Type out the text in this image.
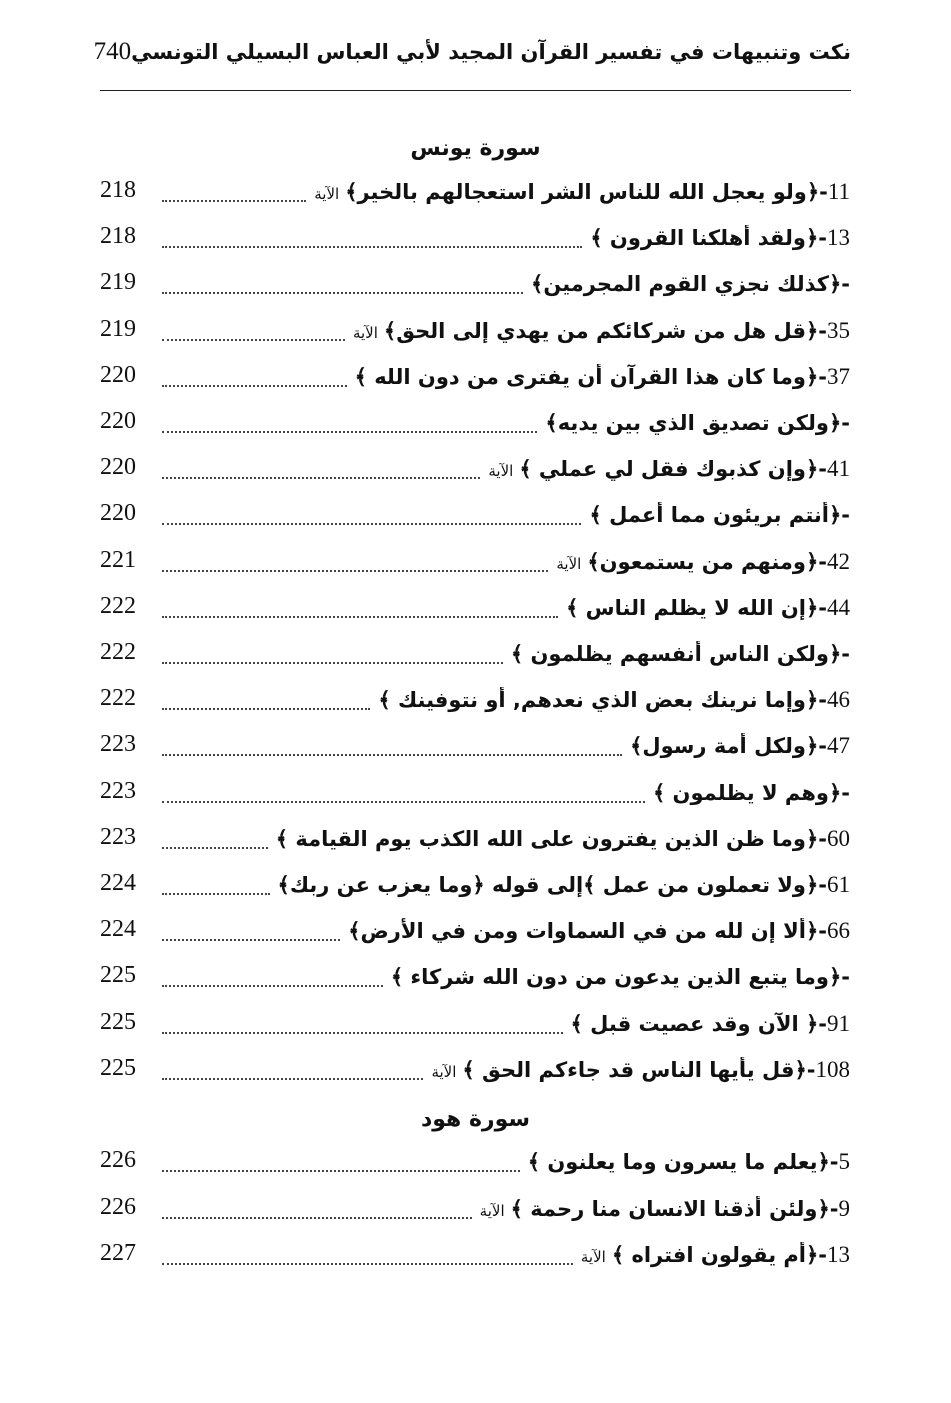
نكت وتنبيهات في تفسير القرآن المجيد لأبي العباس البسيلي التونسي
740
سورة يونس
11-﴿ولو يعجل الله للناس الشر استعجالهم بالخير﴾الآية
218
13-﴿ولقد أهلكنا القرون ﴾
218
-﴿كذلك نجزي القوم المجرمين﴾
219
35-﴿قل هل من شركائكم من يهدي إلى الحق﴾الآية
219
37-﴿وما كان هذا القرآن أن يفترى من دون الله ﴾
220
-﴿ولكن تصديق الذي بين يديه﴾
220
41-﴿وإن كذبوك فقل لي عملي ﴾الآية
220
-﴿أنتم بريئون مما أعمل ﴾
220
42-﴿ومنهم من يستمعون﴾الآية
221
44-﴿إن الله لا يظلم الناس ﴾
222
-﴿ولكن الناس أنفسهم يظلمون ﴾
222
46-﴿وإما نرينك بعض الذي نعدهم, أو نتوفينك ﴾
222
47-﴿ولكل أمة رسول﴾
223
-﴿وهم لا يظلمون ﴾
223
60-﴿وما ظن الذين يفترون على الله الكذب يوم القيامة ﴾
223
61-﴿ولا تعملون من عمل ﴾إلى قوله ﴿وما يعزب عن ربك﴾
224
66-﴿ألا إن لله من في السماوات ومن في الأرض﴾
224
-﴿وما يتبع الذين يدعون من دون الله شركاء ﴾
225
91-﴿ الآن وقد عصيت قبل ﴾
225
108-﴿قل يأيها الناس قد جاءكم الحق ﴾الآية
225
سورة هود
5-﴿يعلم ما يسرون وما يعلنون ﴾
226
9-﴿ولئن أذقنا الانسان منا رحمة ﴾الآية
226
13-﴿أم يقولون افتراه ﴾الآية
227
